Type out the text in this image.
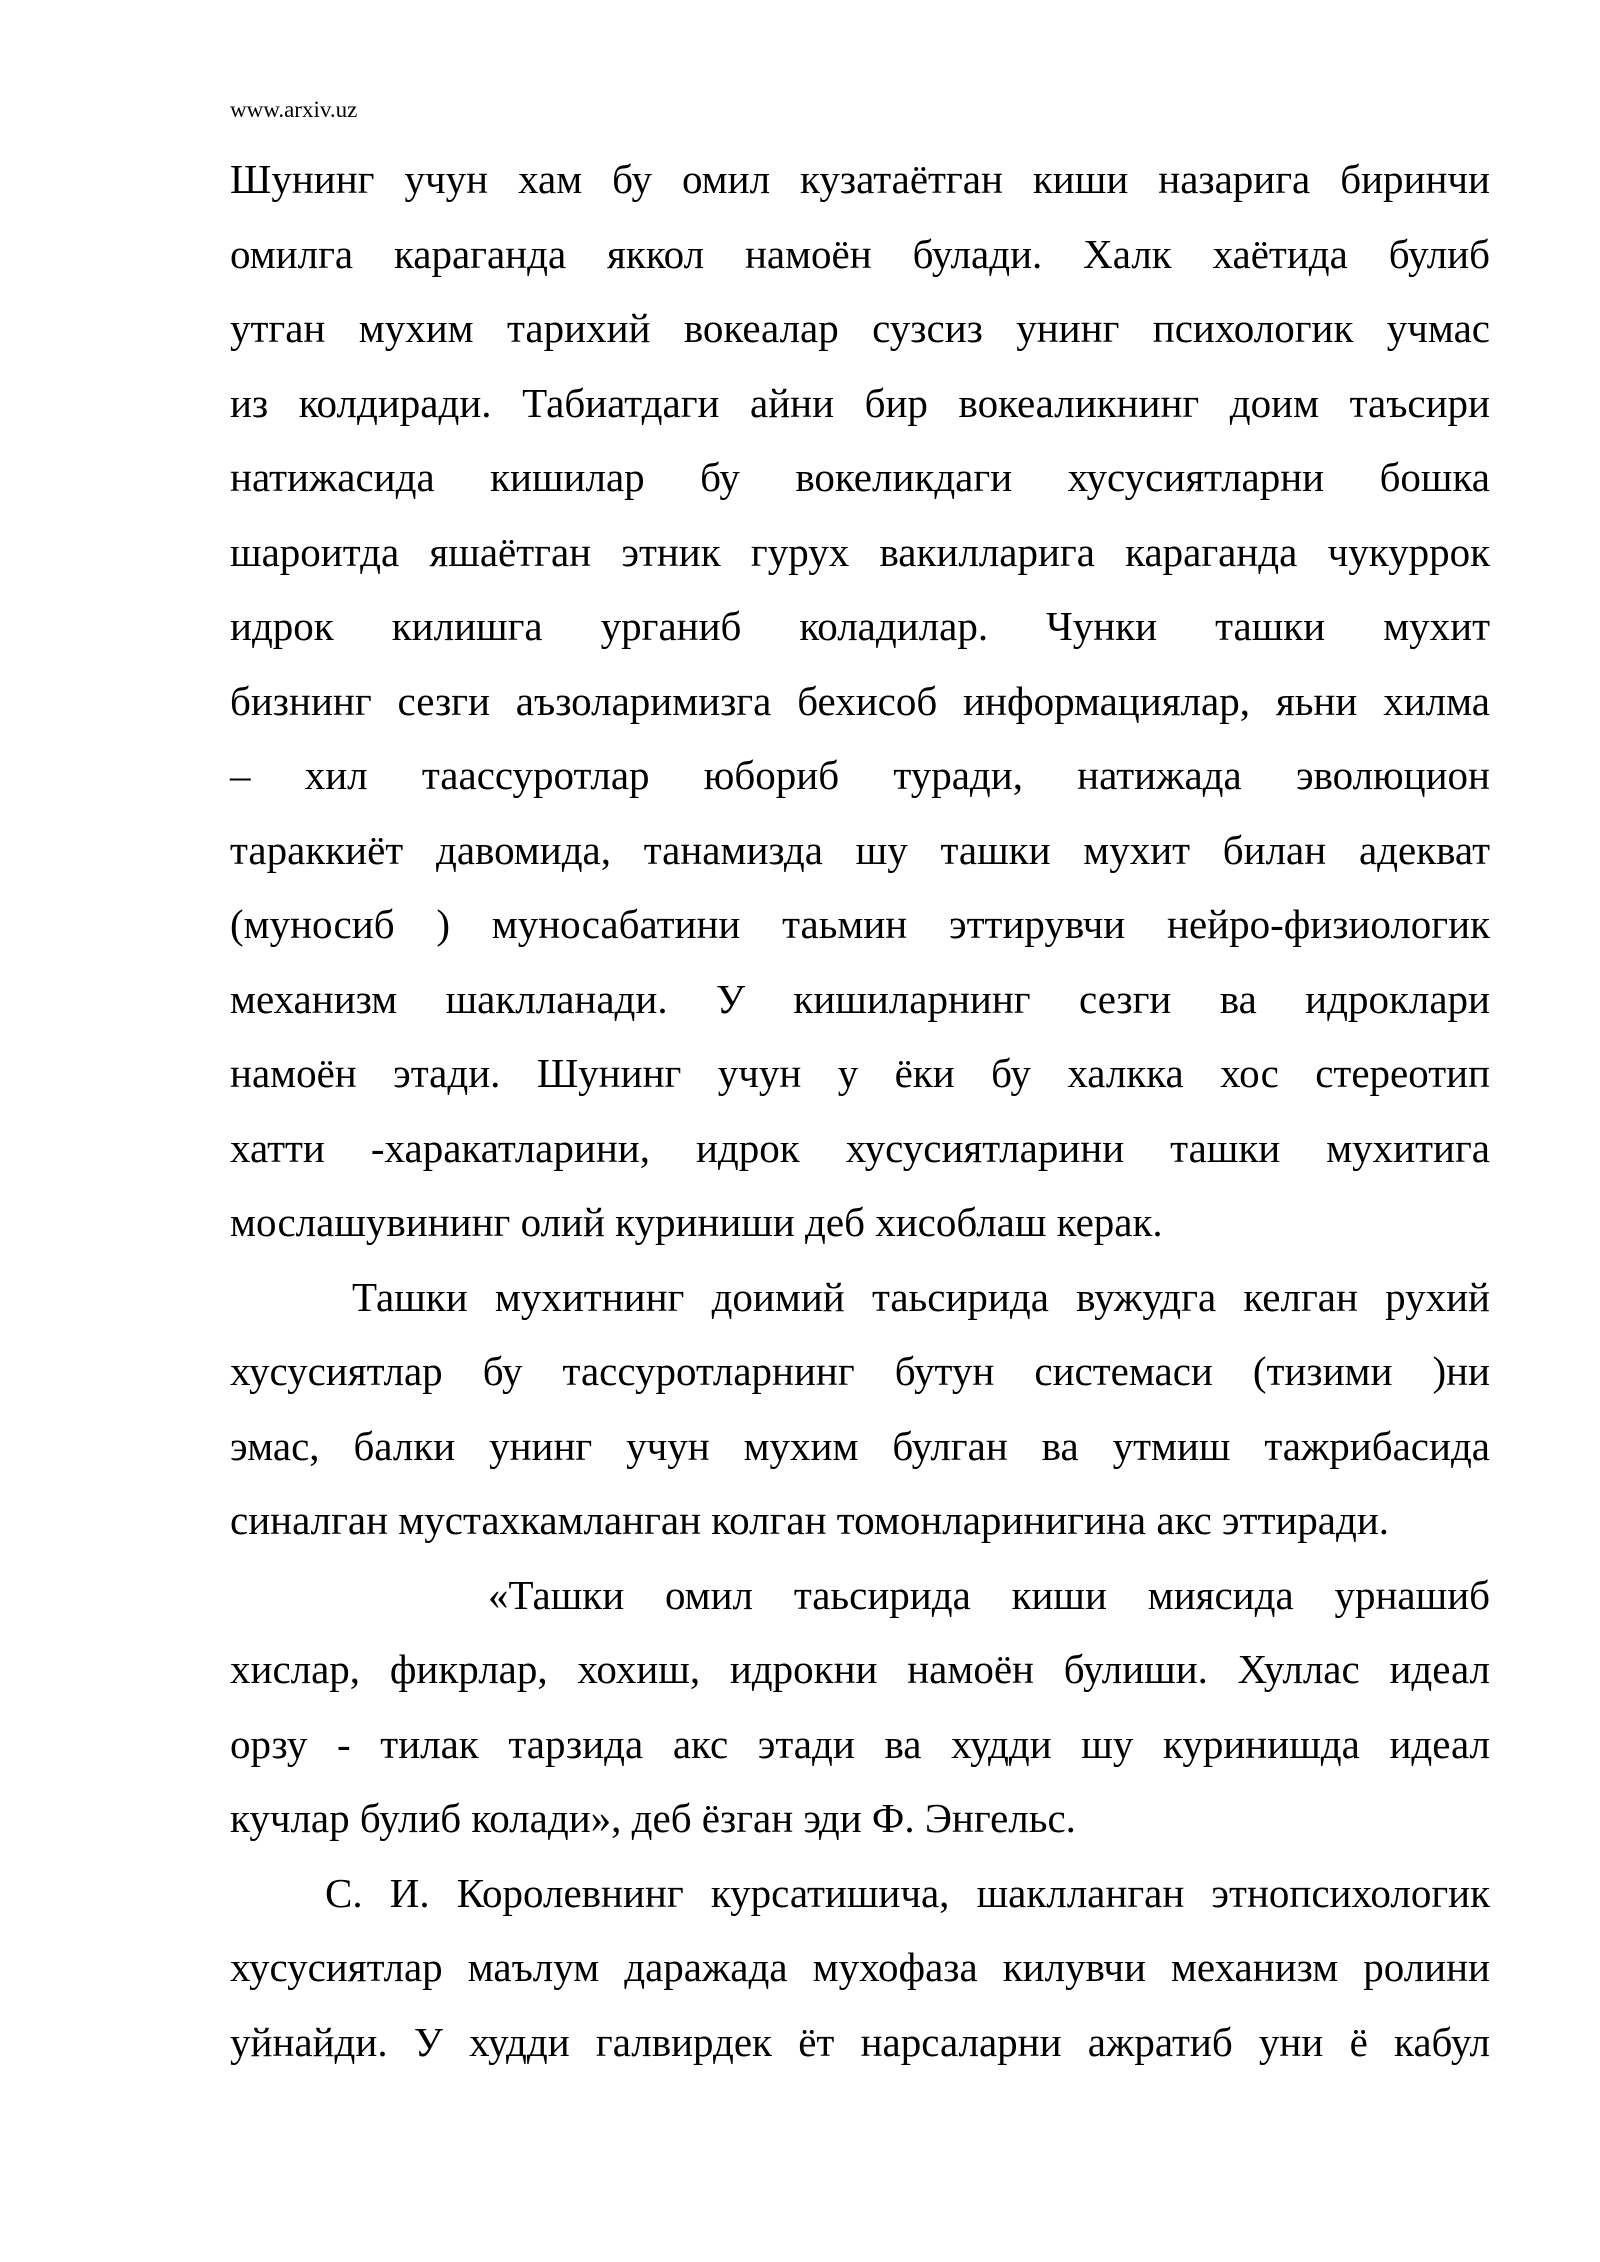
www.arxiv.uz
Шунинг учун хам бу омил кузатаётган киши назарига биринчи
омилга караганда яккол намоён булади. Халк хаётида булиб
утган мухим тарихий вокеалар сузсиз унинг психологик учмас
из колдиради. Табиатдаги айни бир вокеаликнинг доим таъсири
натижасида кишилар бу вокеликдаги хусусиятларни бошка
шароитда яшаётган этник гурух вакилларига караганда чукуррок
идрок килишга урганиб коладилар. Чунки ташки мухит
бизнинг сезги аъзоларимизга бехисоб информациялар, яьни хилма
– хил таассуротлар юбориб туради, натижада эволюцион
тараккиёт давомида, танамизда шу ташки мухит билан адекват
(муносиб ) муносабатини таьмин эттирувчи нейро-физиологик
механизм шаклланади. У кишиларнинг сезги ва идроклари
намоён этади. Шунинг учун у ёки бу халкка хос стереотип
хатти -харакатларини, идрок хусусиятларини ташки мухитига
мослашувининг олий куриниши деб хисоблаш керак.
Ташки мухитнинг доимий таьсирида вужудга келган рухий
хусусиятлар бу тассуротларнинг бутун системаси (тизими )ни
эмас, балки унинг учун мухим булган ва утмиш тажрибасида
синалган мустахкамланган колган томонларинигина акс эттиради.
«Ташки омил таьсирида киши миясида урнашиб
хислар, фикрлар, хохиш, идрокни намоён булиши. Хуллас идеал
орзу - тилак тарзида акс этади ва худди шу куринишда идеал
кучлар булиб колади», деб ёзган эди Ф. Энгельс.
С. И. Королевнинг курсатишича, шаклланган этнопсихологик
хусусиятлар маълум даражада мухофаза килувчи механизм ролини
уйнайди. У худди галвирдек ёт нарсаларни ажратиб уни ё кабул
